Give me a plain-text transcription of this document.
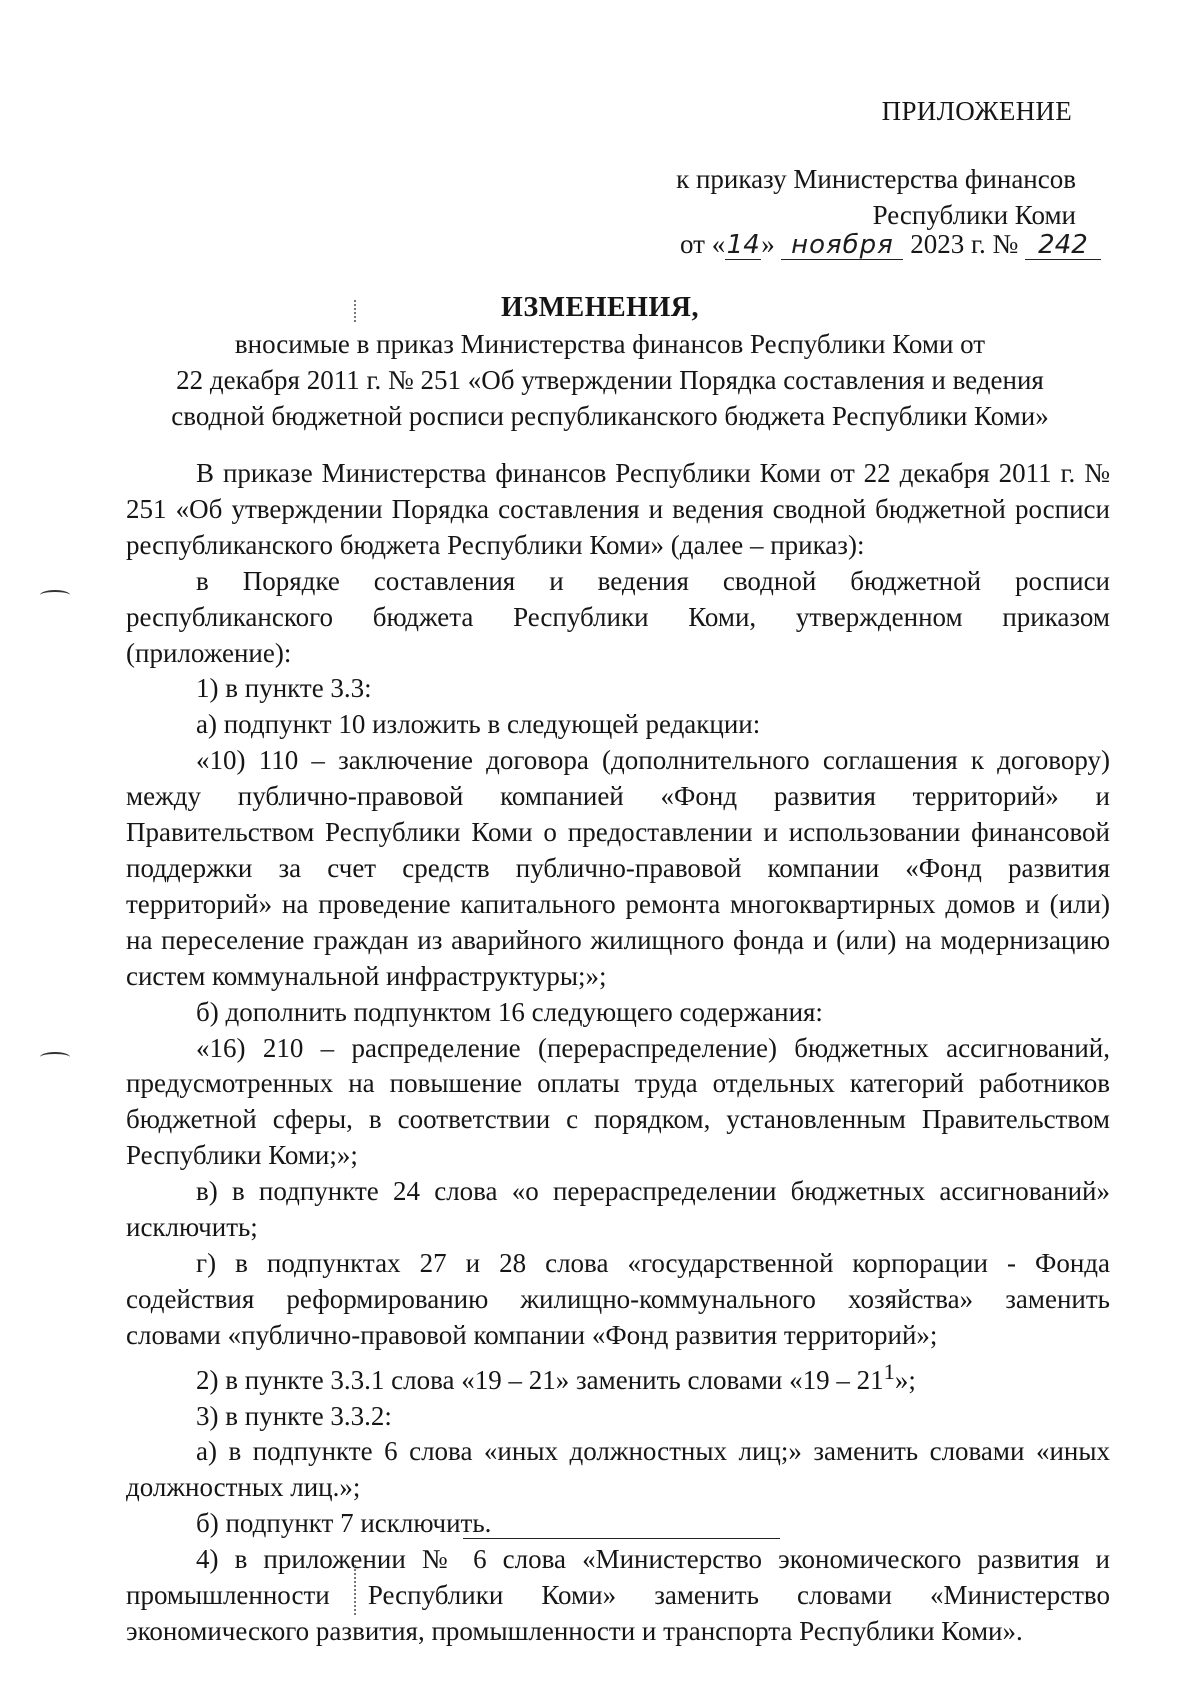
ПРИЛОЖЕНИЕ
к приказу Министерства финансов
Республики Коми
от «14» ноября 2023 г. № 242
ИЗМЕНЕНИЯ,
вносимые в приказ Министерства финансов Республики Коми от
22 декабря 2011 г. № 251 «Об утверждении Порядка составления и ведения
сводной бюджетной росписи республиканского бюджета Республики Коми»

В приказе Министерства финансов Республики Коми от 22 декабря 2011 г. № 251 «Об утверждении Порядка составления и ведения сводной бюджетной росписи республиканского бюджета Республики Коми» (далее – приказ):

в Порядке составления и ведения сводной бюджетной росписи республиканского бюджета Республики Коми, утвержденном приказом (приложение):

1) в пункте 3.3:

а) подпункт 10 изложить в следующей редакции:

«10) 110 – заключение договора (дополнительного соглашения к договору) между публично-правовой компанией «Фонд развития территорий» и Правительством Республики Коми о предоставлении и использовании финансовой поддержки за счет средств публично-правовой компании «Фонд развития территорий» на проведение капитального ремонта многоквартирных домов и (или) на переселение граждан из аварийного жилищного фонда и (или) на модернизацию систем коммунальной инфраструктуры;»;

б) дополнить подпунктом 16 следующего содержания:

«16) 210 – распределение (перераспределение) бюджетных ассигнований, предусмотренных на повышение оплаты труда отдельных категорий работников бюджетной сферы, в соответствии с порядком, установленным Правительством Республики Коми;»;

в) в подпункте 24 слова «о перераспределении бюджетных ассигнований» исключить;

г) в подпунктах 27 и 28 слова «государственной корпорации - Фонда содействия реформированию жилищно-коммунального хозяйства» заменить словами «публично-правовой компании «Фонд развития территорий»;

2) в пункте 3.3.1 слова «19 – 21» заменить словами «$19 - 21^1$»;

3) в пункте 3.3.2:

а) в подпункте 6 слова «иных должностных лиц;» заменить словами «иных должностных лиц.»;

б) подпункт 7 исключить.

4) в приложении № 6 слова «Министерство экономического развития и промышленности Республики Коми» заменить словами «Министерство экономического развития, промышленности и транспорта Республики Коми».
